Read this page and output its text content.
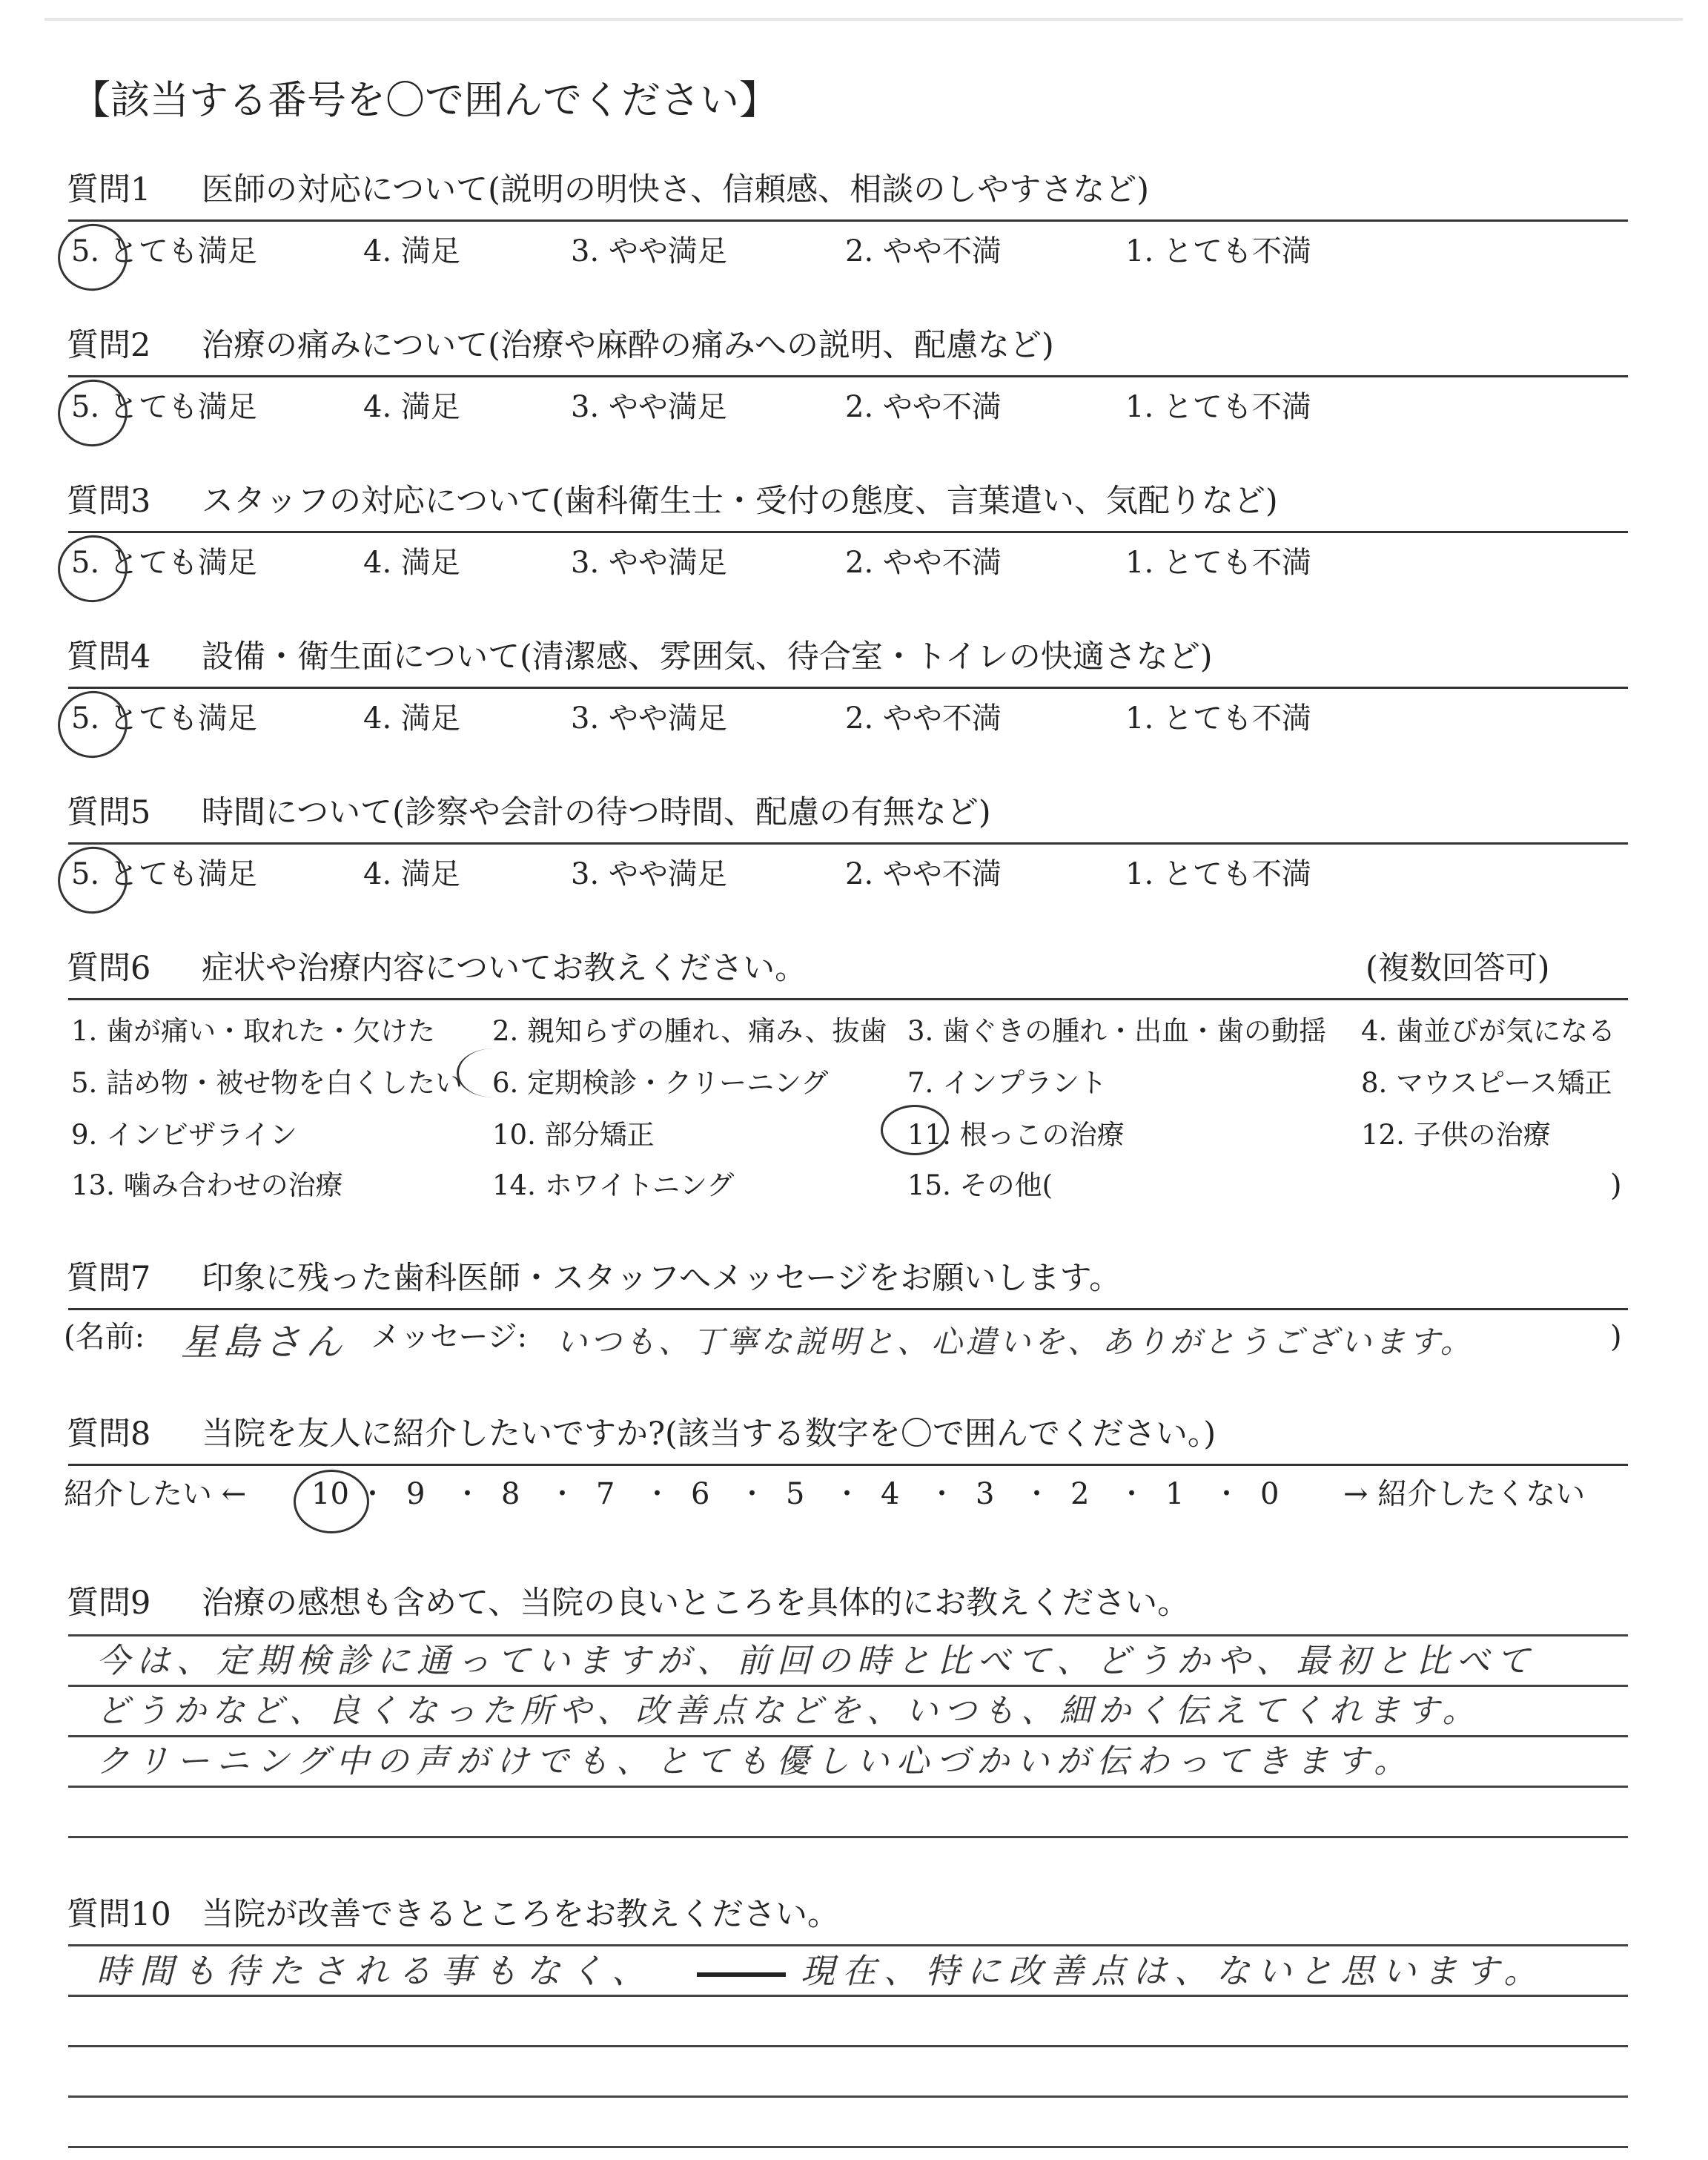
【該当する番号を〇で囲んでください】
質問1 医師の対応について(説明の明快さ、信頼感、相談のしやすさなど)
5. とても満足	4. 満足	3. やや満足	2. やや不満	1. とても不満
質問2 治療の痛みについて(治療や麻酔の痛みへの説明、配慮など)
5. とても満足	4. 満足	3. やや満足	2. やや不満	1. とても不満
質問3 スタッフの対応について(歯科衛生士・受付の態度、言葉遣い、気配りなど)
5. とても満足	4. 満足	3. やや満足	2. やや不満	1. とても不満
質問4 設備・衛生面について(清潔感、雰囲気、待合室・トイレの快適さなど)
5. とても満足	4. 満足	3. やや満足	2. やや不満	1. とても不満
質問5 時間について(診察や会計の待つ時間、配慮の有無など)
5. とても満足	4. 満足	3. やや満足	2. やや不満	1. とても不満
質問6 症状や治療内容についてお教えください。	(複数回答可)
1. 歯が痛い・取れた・欠けた 2. 親知らずの腫れ、痛み、抜歯 3. 歯ぐきの腫れ・出血・歯の動揺 4. 歯並びが気になる
5. 詰め物・被せ物を白くしたい 6. 定期検診・クリーニング	7. インプラント	8. マウスピース矯正
9. インビザライン	10. 部分矯正	11. 根っこの治療	12. 子供の治療
13. 噛み合わせの治療	14. ホワイトニング	15. その他(	)
質問7 印象に残った歯科医師・スタッフへメッセージをお願いします。
(名前: 星島さん メッセージ: いつも、丁寧な説明と、心遣いを、ありがとうございます。	)
質問8 当院を友人に紹介したいですか?(該当する数字を〇で囲んでください。)
紹介したい ←	→ 紹介したくない
10 ・ 9 ・ 8 ・ 7 ・ 6 ・ 5 ・ 4 ・ 3 ・ 2 ・ 1 ・ 0
質問9 治療の感想も含めて、当院の良いところを具体的にお教えください。
今は、定期検診に通っていますが、前回の時と比べて、どうかや、最初と比べて
どうかなど、良くなった所や、改善点などを、いつも、細かく伝えてくれます。
クリーニング中の声がけでも、とても優しい心づかいが伝わってきます。
質問10 当院が改善できるところをお教えください。
時間も待たされる事もなく、	現在、特に改善点は、ないと思います。
